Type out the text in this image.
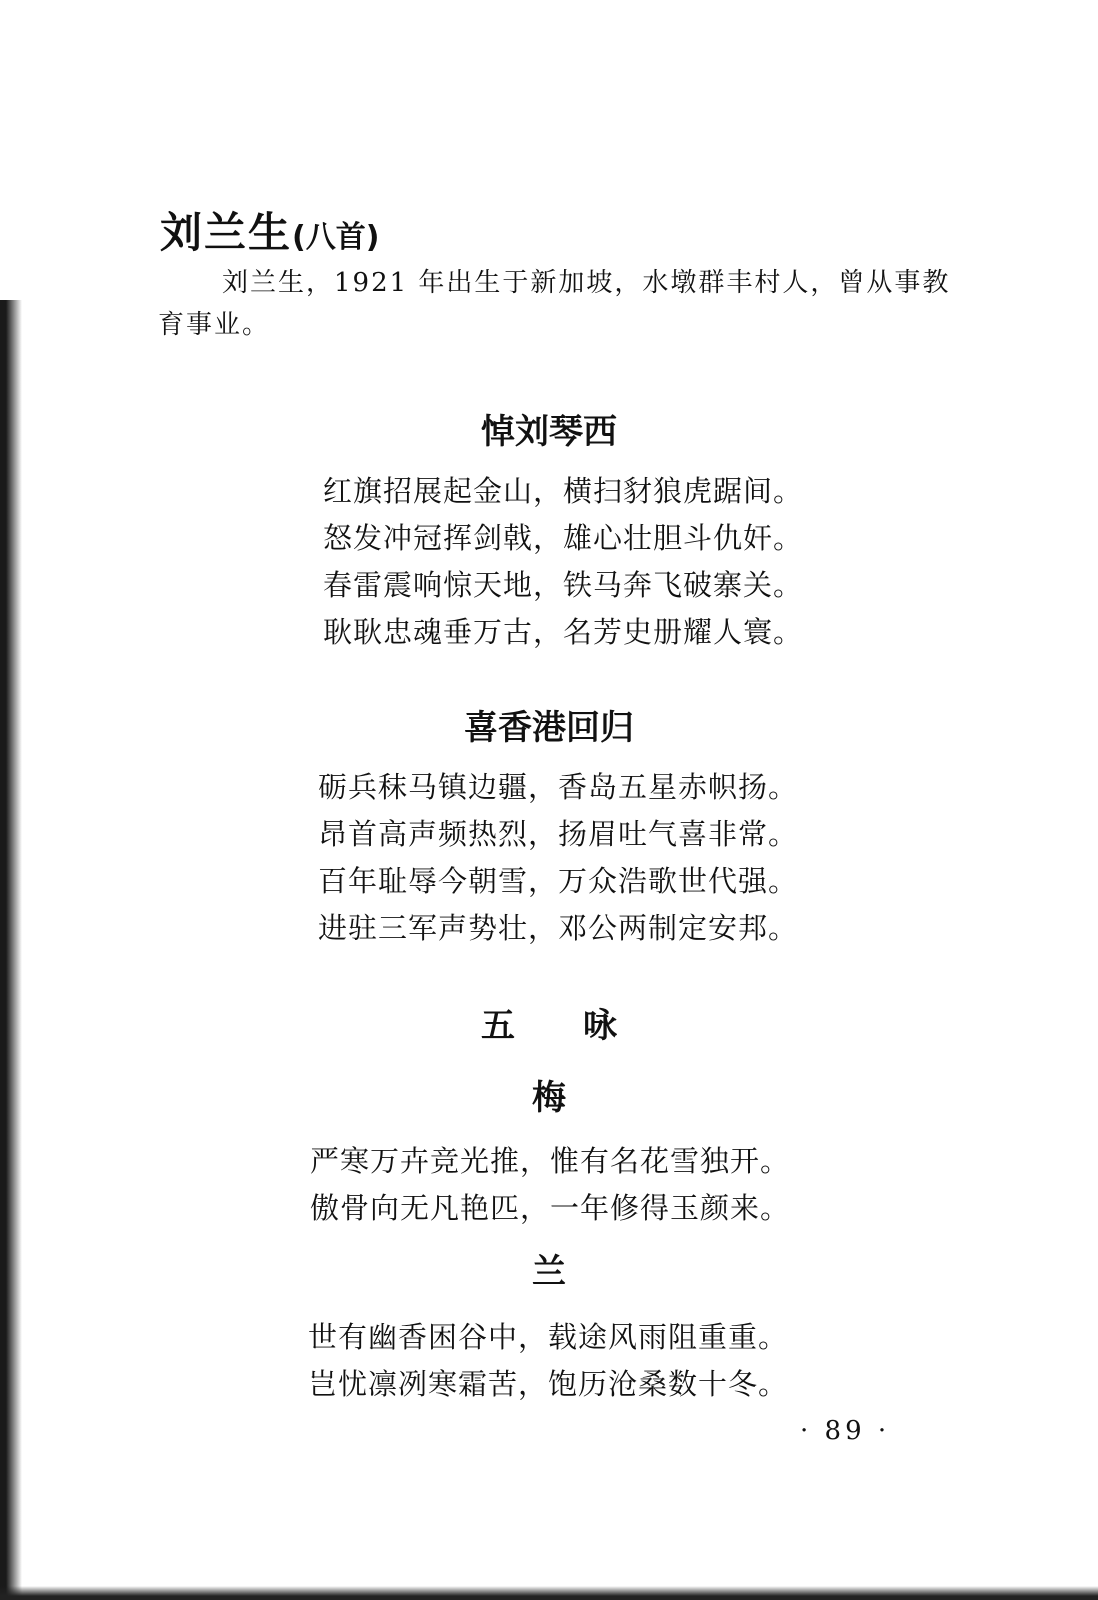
刘兰生(八首)

刘兰生，1921 年出生于新加坡，水墩群丰村人，曾从事教育事业。

悼刘琴西
红旗招展起金山，横扫豺狼虎踞间。
怒发冲冠挥剑戟，雄心壮胆斗仇奸。
春雷震响惊天地，铁马奔飞破寨关。
耿耿忠魂垂万古，名芳史册耀人寰。
喜香港回归
砺兵秣马镇边疆，香岛五星赤帜扬。
昂首高声频热烈，扬眉吐气喜非常。
百年耻辱今朝雪，万众浩歌世代强。
进驻三军声势壮，邓公两制定安邦。
五　　咏
梅
严寒万卉竞光推，惟有名花雪独开。
傲骨向无凡艳匹，一年修得玉颜来。
兰
世有幽香困谷中，载途风雨阻重重。
岂忧凛冽寒霜苦，饱历沧桑数十冬。
· 89 ·
